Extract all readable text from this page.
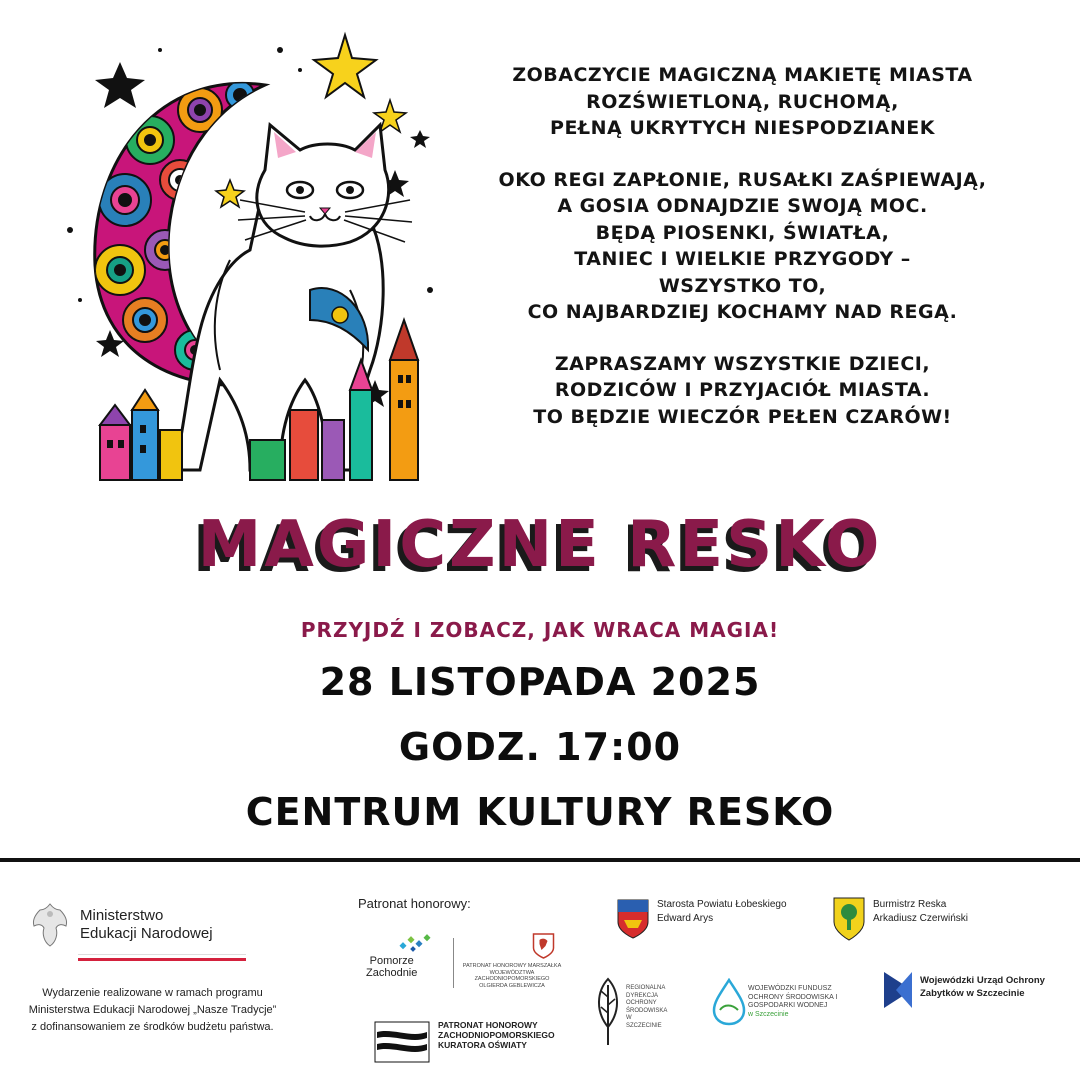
ZOBACZYCIE MAGICZNĄ MAKIETĘ MIASTA
ROZŚWIETLONĄ, RUCHOMĄ,
PEŁNĄ UKRYTYCH NIESPODZIANEK

OKO REGI ZAPŁONIE, RUSAŁKI ZAŚPIEWAJĄ,
A GOSIA ODNAJDZIE SWOJĄ MOC.
BĘDĄ PIOSENKI, ŚWIATŁA,
TANIEC I WIELKIE PRZYGODY –
WSZYSTKO TO,
CO NAJBARDZIEJ KOCHAMY NAD REGĄ.

ZAPRASZAMY WSZYSTKIE DZIECI,
RODZICÓW I PRZYJACIÓŁ MIASTA.
TO BĘDZIE WIECZÓR PEŁEN CZARÓW!

MAGICZNE RESKO
PRZYJDŹ I ZOBACZ, JAK WRACA MAGIA!
28 LISTOPADA 2025
GODZ. 17:00
CENTRUM KULTURY RESKO
Ministerstwo
Edukacji Narodowej
Wydarzenie realizowane w ramach programu Ministerstwa Edukacji Narodowej „Nasze Tradycje” z dofinansowaniem ze środków budżetu państwa.
Patronat honorowy:
Pomorze
Zachodnie
PATRONAT HONOROWY MARSZAŁKA WOJEWÓDZTWA ZACHODNIOPOMORSKIEGO OLGIERDA GEBLEWICZA
PATRONAT HONOROWY ZACHODNIOPOMORSKIEGO KURATORA OŚWIATY
REGIONALNA DYREKCJA OCHRONY ŚRODOWISKA W SZCZECINIE
WOJEWÓDZKI FUNDUSZ OCHRONY ŚRODOWISKA I GOSPODARKI WODNEJ
w Szczecinie
Starosta Powiatu Łobeskiego
Edward Arys
Burmistrz Reska
Arkadiusz Czerwiński
Wojewódzki Urząd Ochrony Zabytków w Szczecinie
